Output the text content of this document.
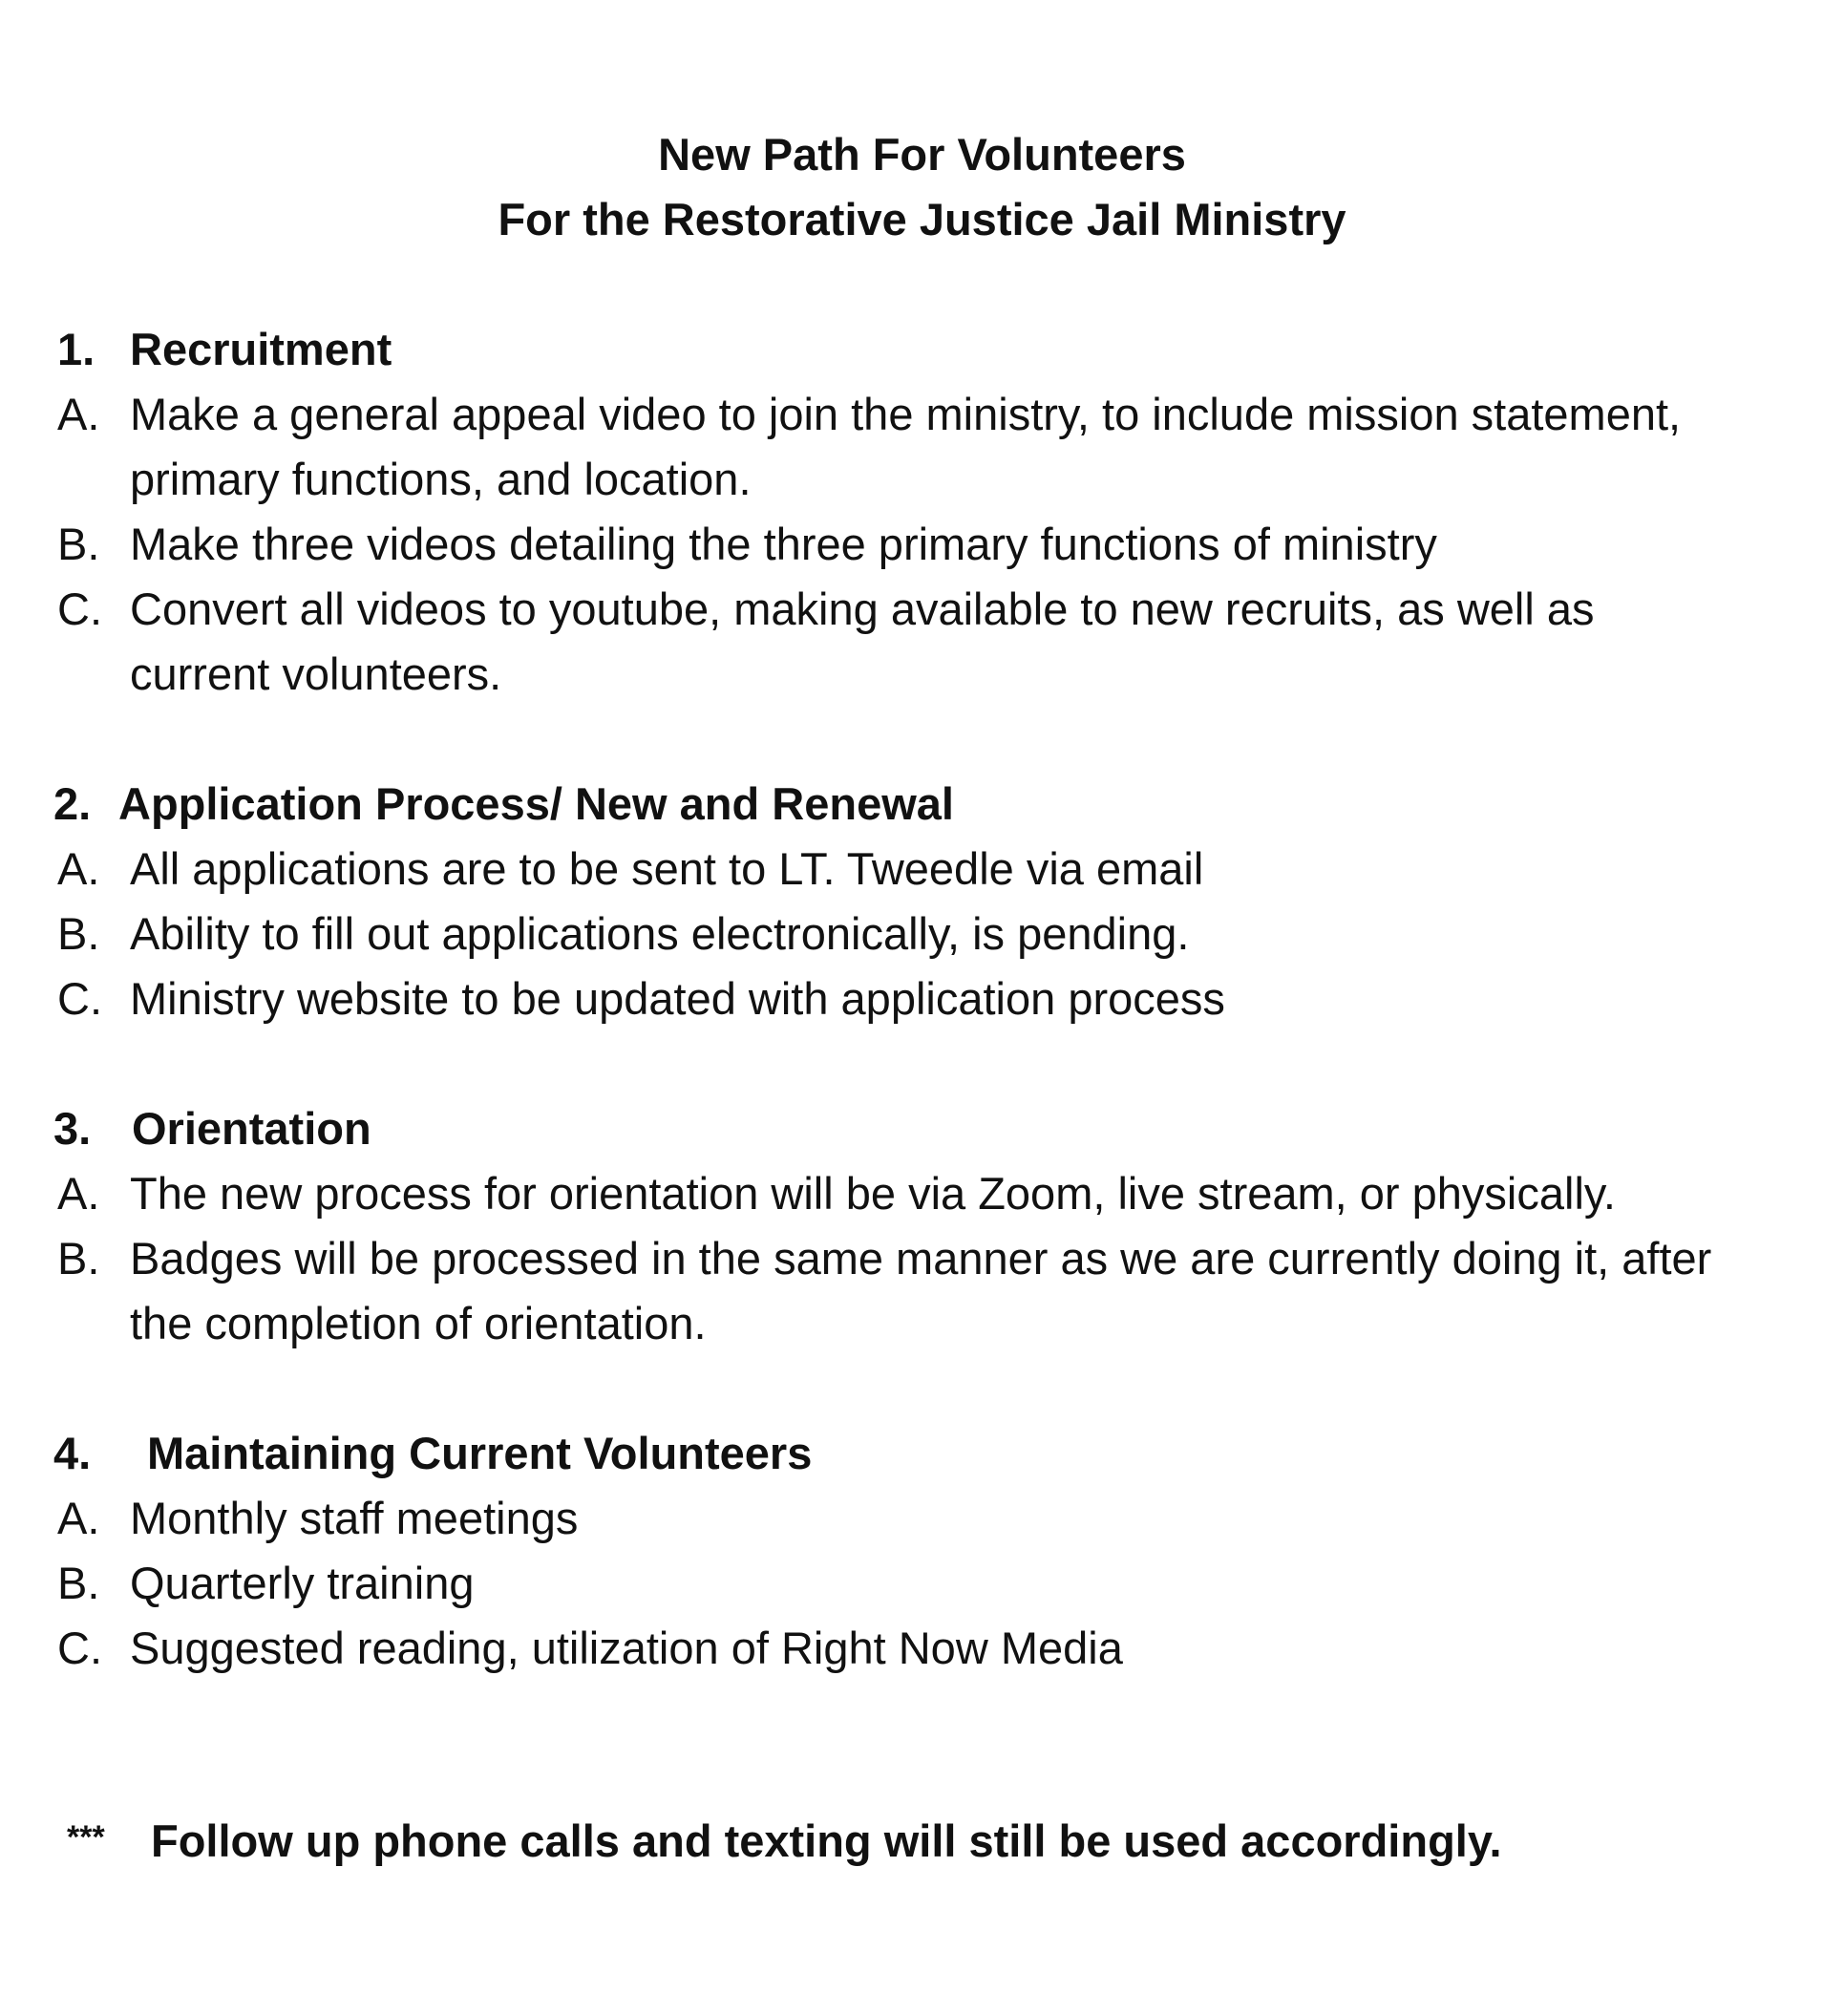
New Path For Volunteers
For the Restorative Justice Jail Ministry
1. Recruitment
A. Make a general appeal video to join the ministry, to include mission statement,
primary functions, and location.
B. Make three videos detailing the three primary functions of ministry
C. Convert all videos to youtube, making available to new recruits, as well as
current volunteers.
2. Application Process/ New and Renewal
A. All applications are to be sent to LT. Tweedle via email
B. Ability to fill out applications electronically, is pending.
C. Ministry website to be updated with application process
3. Orientation
A. The new process for orientation will be via Zoom, live stream, or physically.
B. Badges will be processed in the same manner as we are currently doing it, after
the completion of orientation.
4. Maintaining Current Volunteers
A. Monthly staff meetings
B. Quarterly training
C. Suggested reading, utilization of Right Now Media
*** Follow up phone calls and texting will still be used accordingly.
